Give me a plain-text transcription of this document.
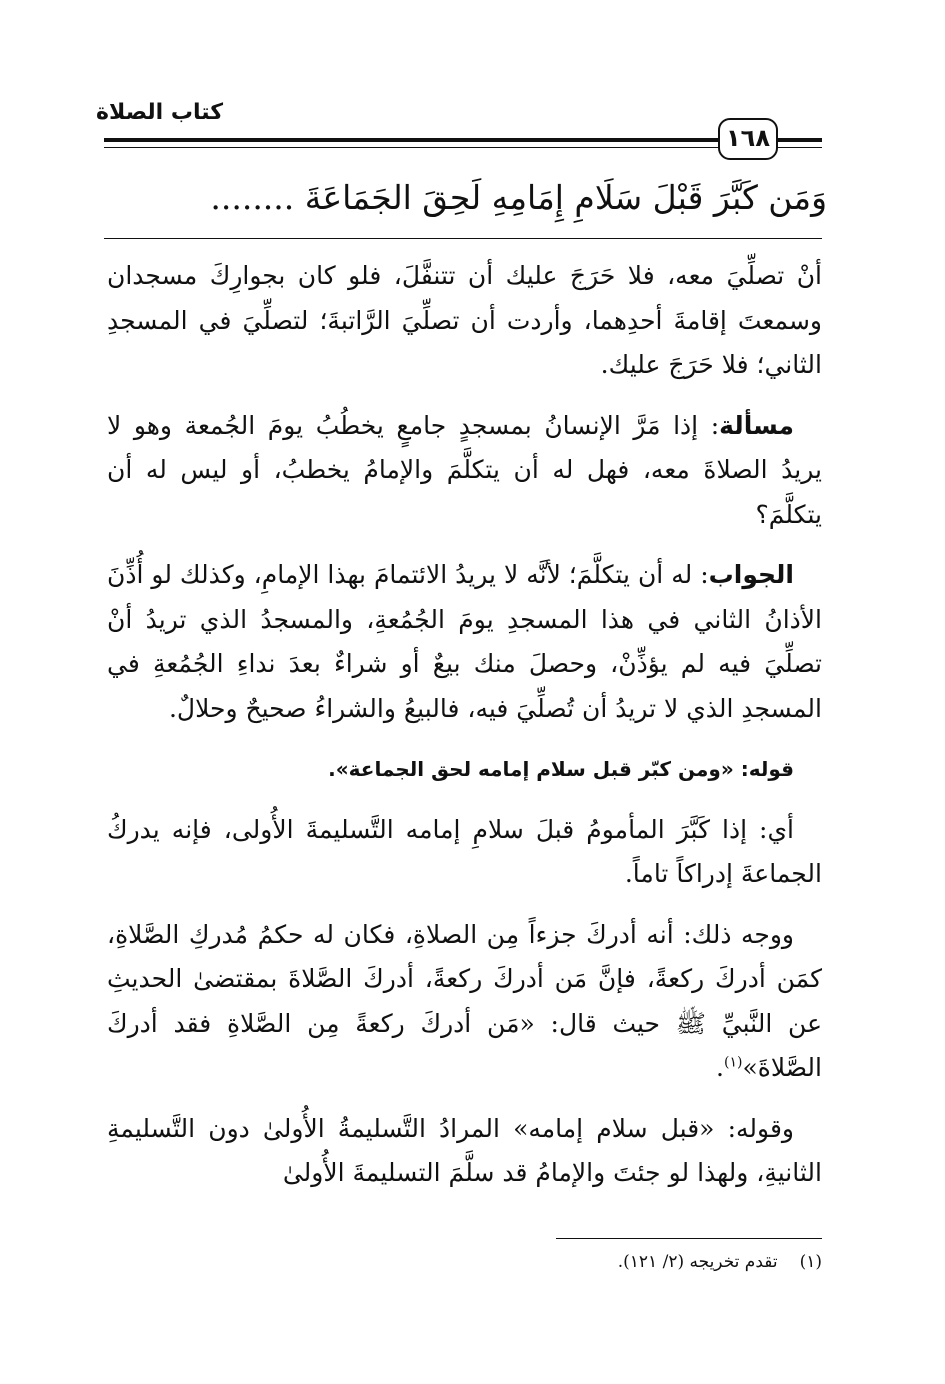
كتاب الصلاة
١٦٨
وَمَن كَبَّرَ قَبْلَ سَلَامِ إِمَامِهِ لَحِقَ الجَمَاعَةَ ........

أنْ تصلِّيَ معه، فلا حَرَجَ عليك أن تتنفَّلَ، فلو كان بجوارِكَ مسجدان وسمعتَ إقامةَ أحدِهما، وأردت أن تصلِّيَ الرَّاتبةَ؛ لتصلِّيَ في المسجدِ الثاني؛ فلا حَرَجَ عليك.

مسألة: إذا مَرَّ الإنسانُ بمسجدٍ جامعٍ يخطُبُ يومَ الجُمعة وهو لا يريدُ الصلاةَ معه، فهل له أن يتكلَّمَ والإمامُ يخطبُ، أو ليس له أن يتكلَّمَ؟

الجواب: له أن يتكلَّمَ؛ لأنَّه لا يريدُ الائتمامَ بهذا الإمامِ، وكذلك لو أُذِّنَ الأذانُ الثاني في هذا المسجدِ يومَ الجُمُعةِ، والمسجدُ الذي تريدُ أنْ تصلِّيَ فيه لم يؤذِّنْ، وحصلَ منك بيعٌ أو شراءٌ بعدَ نداءِ الجُمُعةِ في المسجدِ الذي لا تريدُ أن تُصلِّيَ فيه، فالبيعُ والشراءُ صحيحٌ وحلالٌ.

قوله: «ومن كبّر قبل سلام إمامه لحق الجماعة».

أي: إذا كَبَّرَ المأمومُ قبلَ سلامِ إمامه التَّسليمةَ الأُولى، فإنه يدركُ الجماعةَ إدراكاً تاماً.

ووجه ذلك: أنه أدركَ جزءاً مِن الصلاةِ، فكان له حكمُ مُدركِ الصَّلاةِ، كمَن أدركَ ركعةً، فإنَّ مَن أدركَ ركعةً، أدركَ الصَّلاةَ بمقتضىٰ الحديثِ عن النَّبيِّ ﷺ حيث قال: «مَن أدركَ ركعةً مِن الصَّلاةِ فقد أدركَ الصَّلاةَ»$^{(١)}$.

وقوله: «قبل سلام إمامه» المرادُ التَّسليمةُ الأُولىٰ دون التَّسليمةِ الثانيةِ، ولهذا لو جئتَ والإمامُ قد سلَّمَ التسليمةَ الأُولىٰ

(١)تقدم تخريجه (٢/ ١٢١).
